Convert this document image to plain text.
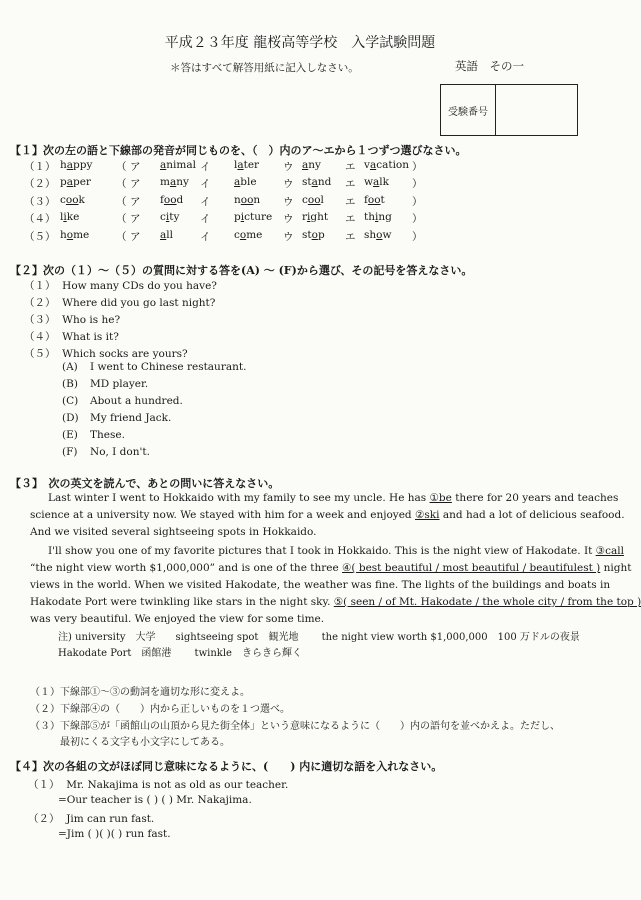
平成２３年度 龍桜高等学校　入学試験問題
＊答はすべて解答用紙に記入しなさい。	英語　その一
受験番号
【１】次の左の語と下線部の発音が同じものを、（　）内のア～エから１つずつ選びなさい。
（１） happy （ ア animal イ later ウ any エ vacation ）
（２） paper （ ア many イ able	ウ stand エ walk ）
（３） cook	（ ア food イ noon ウ cool エ foot	）
（４） like	（ ア city イ picture ウ right エ thing ）
（５） home	（ ア all	イ come ウ stop エ show ）
【２】次の（１）～（５）の質問に対する答を(A) ～ (F)から選び、その記号を答えなさい。
（１）  How many CDs do you have?
（２）  Where did you go last night?
（３）  Who is he?
（４）  What is it?
（５）  Which socks are yours?
(A) I went to Chinese restaurant.
(B) MD player.
(C) About a hundred.
(D) My friend Jack.
(E) These.
(F) No, I don't.
【３】　次の英文を読んで、あとの問いに答えなさい。
Last winter I went to Hokkaido with my family to see my uncle. He has ①be there for 20 years and teaches
science at a university now. We stayed with him for a week and enjoyed ②ski and had a lot of delicious seafood.
And we visited several sightseeing spots in Hokkaido.
I'll show you one of my favorite pictures that I took in Hokkaido. This is the night view of Hakodate. It ③call
“the night view worth $1,000,000” and is one of the three ④( best beautiful / most beautiful / beautifulest ) night
views in the world. When we visited Hakodate, the weather was fine. The lights of the buildings and boats in
Hakodate Port were twinkling like stars in the night sky. ⑤( seen / of Mt. Hakodate / the whole city / from the top )
was very beautiful. We enjoyed the view for some time.
注) university　大学　　sightseeing spot　観光地　　 the night view worth $1,000,000　100 万ドルの夜景
Hakodate Port　函館港　　 twinkle　きらきら輝く
（１）下線部①～③の動詞を適切な形に変えよ。
（２）下線部④の（　　）内から正しいものを１つ選べ。
（３）下線部⑤が「函館山の山頂から見た街全体」という意味になるように（　　）内の語句を並べかえよ。ただし、
最初にくる文字も小文字にしてある。
【４】次の各組の文がほぼ同じ意味になるように、(　　) 内に適切な語を入れなさい。
（１） Mr. Nakajima is not as old as our teacher.
=Our teacher is ( ) ( ) Mr. Nakajima.
（２） Jim can run fast.
=Jim ( )( )( ) run fast.
